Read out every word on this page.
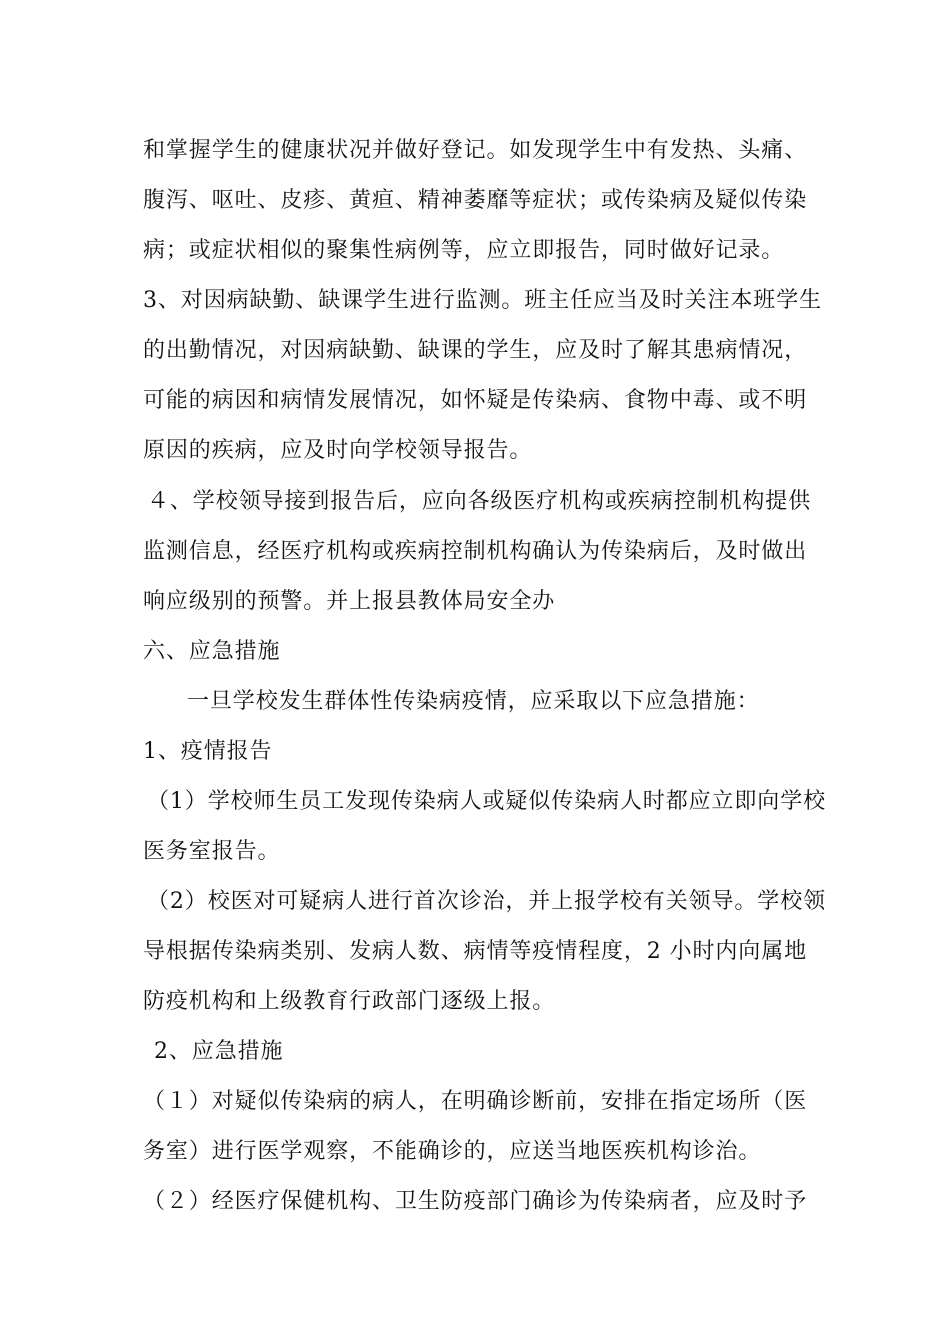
和掌握学生的健康状况并做好登记。如发现学生中有发热、头痛、
腹泻、呕吐、皮疹、黄疸、精神萎靡等症状；或传染病及疑似传染
病；或症状相似的聚集性病例等，应立即报告，同时做好记录。
3、对因病缺勤、缺课学生进行监测。班主任应当及时关注本班学生
的出勤情况，对因病缺勤、缺课的学生，应及时了解其患病情况，
可能的病因和病情发展情况，如怀疑是传染病、食物中毒、或不明
原因的疾病，应及时向学校领导报告。
４、学校领导接到报告后，应向各级医疗机构或疾病控制机构提供
监测信息，经医疗机构或疾病控制机构确认为传染病后，及时做出
响应级别的预警。并上报县教体局安全办
六、应急措施
一旦学校发生群体性传染病疫情，应采取以下应急措施：
1、疫情报告
（1）学校师生员工发现传染病人或疑似传染病人时都应立即向学校
医务室报告。
（2）校医对可疑病人进行首次诊治，并上报学校有关领导。学校领
导根据传染病类别、发病人数、病情等疫情程度，2 小时内向属地
防疫机构和上级教育行政部门逐级上报。
2、应急措施
（１）对疑似传染病的病人，在明确诊断前，安排在指定场所（医
务室）进行医学观察，不能确诊的，应送当地医疾机构诊治。
（２）经医疗保健机构、卫生防疫部门确诊为传染病者，应及时予
